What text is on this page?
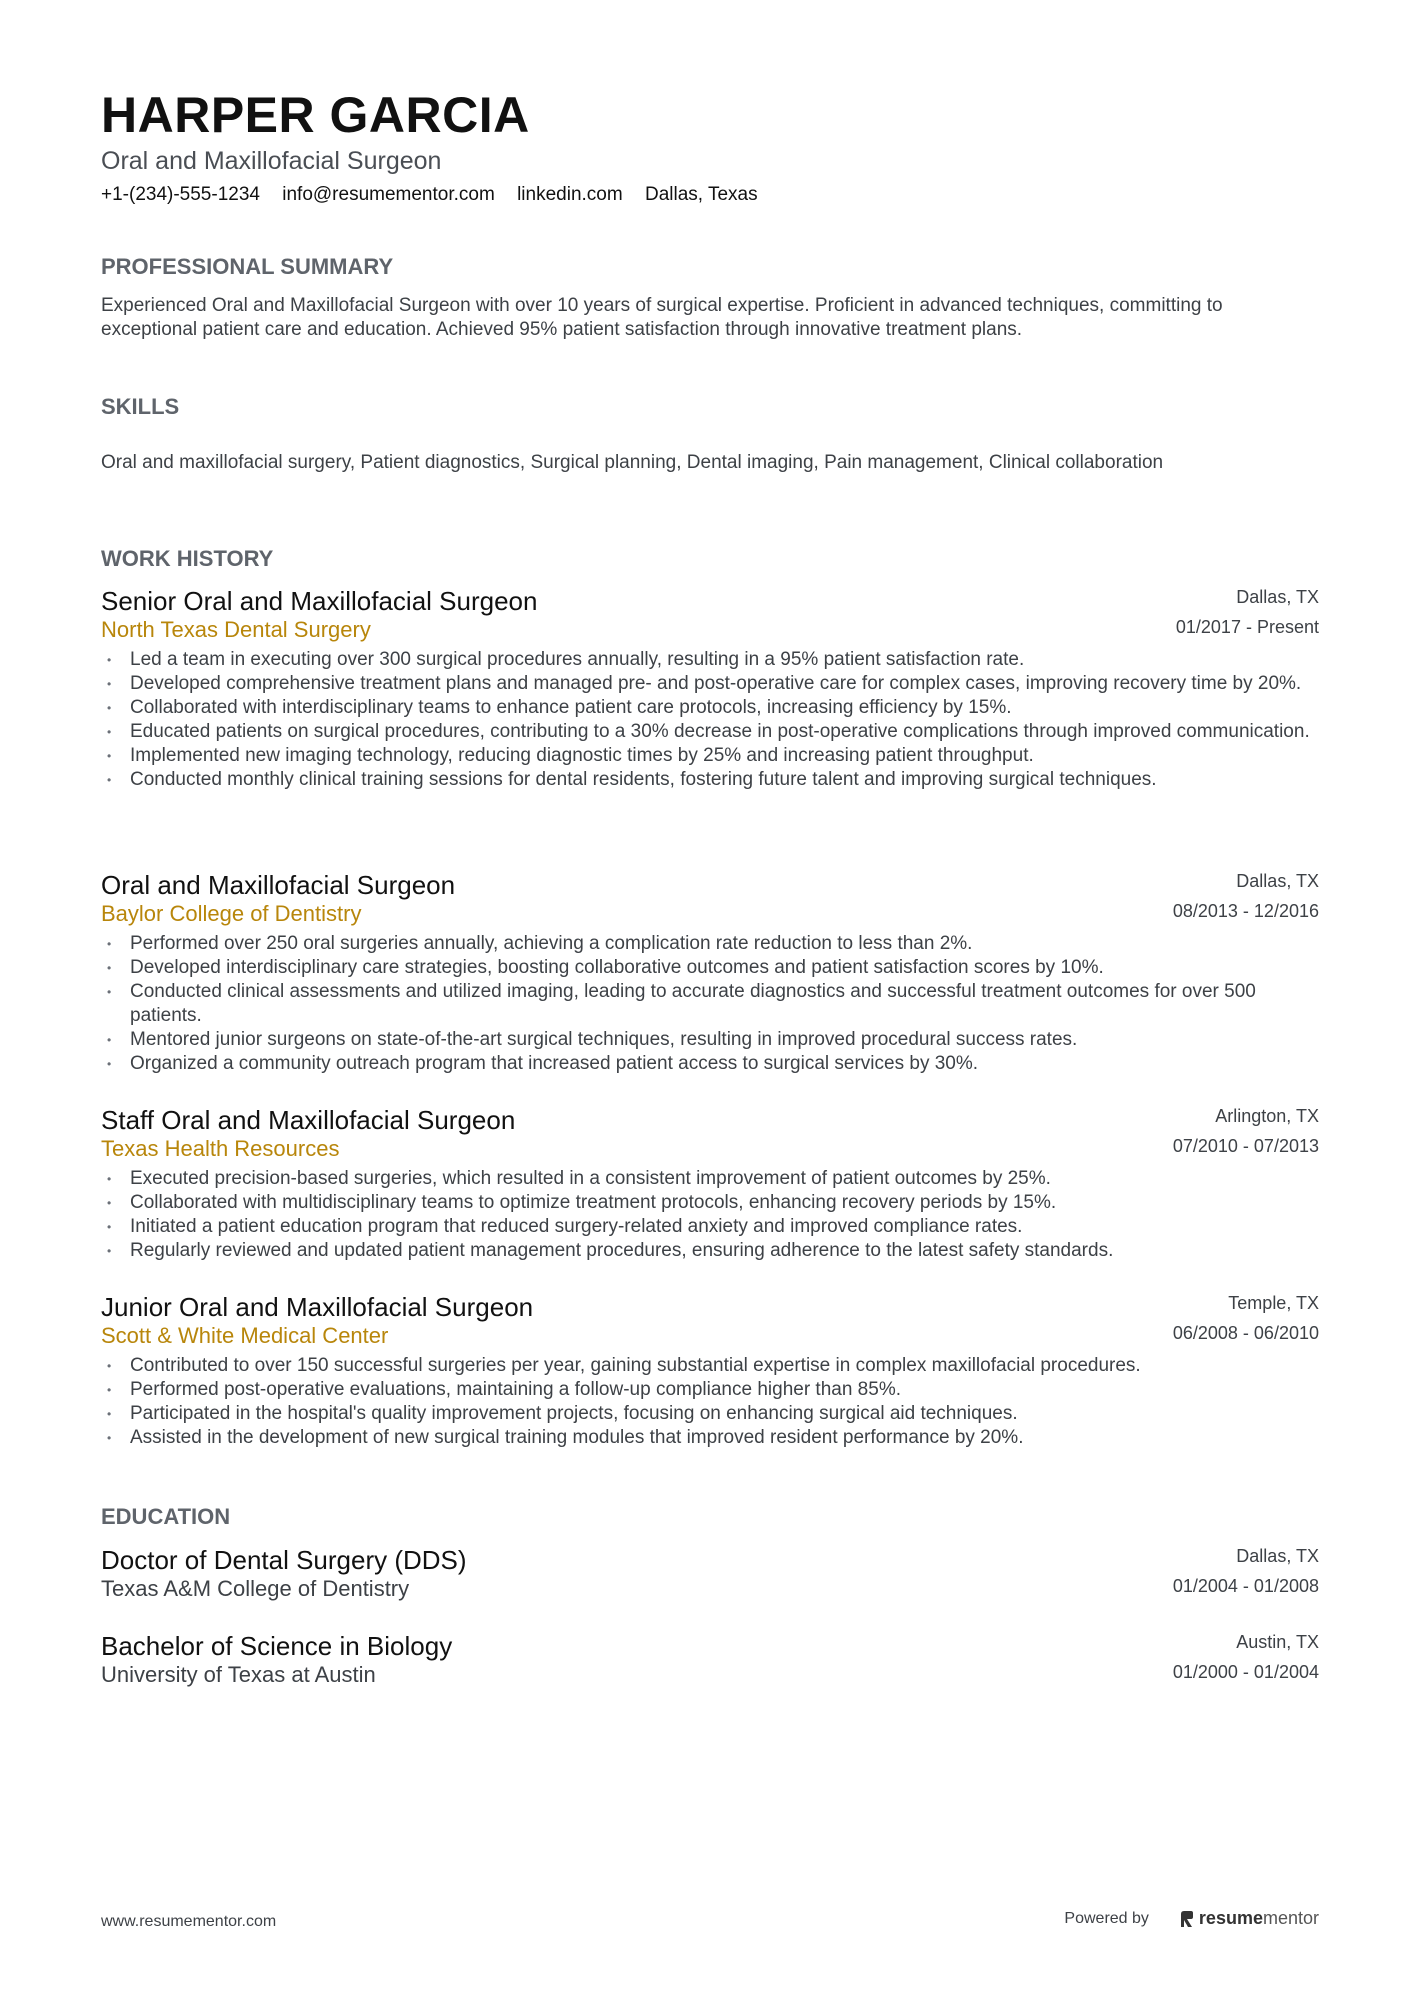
HARPER GARCIA
Oral and Maxillofacial Surgeon
+1-(234)-555-1234 info@resumementor.com linkedin.com Dallas, Texas
PROFESSIONAL SUMMARY

Experienced Oral and Maxillofacial Surgeon with over 10 years of surgical expertise. Proficient in advanced techniques, committing to exceptional patient care and education. Achieved 95% patient satisfaction through innovative treatment plans.

SKILLS

Oral and maxillofacial surgery, Patient diagnostics, Surgical planning, Dental imaging, Pain management, Clinical collaboration

WORK HISTORY
Senior Oral and Maxillofacial Surgeon	Dallas, TX
North Texas Dental Surgery	01/2017 - Present
• Led a team in executing over 300 surgical procedures annually, resulting in a 95% patient satisfaction rate.
• Developed comprehensive treatment plans and managed pre- and post-operative care for complex cases, improving recovery time by 20%.
• Collaborated with interdisciplinary teams to enhance patient care protocols, increasing efficiency by 15%.
• Educated patients on surgical procedures, contributing to a 30% decrease in post-operative complications through improved communication.
• Implemented new imaging technology, reducing diagnostic times by 25% and increasing patient throughput.
• Conducted monthly clinical training sessions for dental residents, fostering future talent and improving surgical techniques.
Oral and Maxillofacial Surgeon	Dallas, TX
Baylor College of Dentistry	08/2013 - 12/2016
• Performed over 250 oral surgeries annually, achieving a complication rate reduction to less than 2%.
• Developed interdisciplinary care strategies, boosting collaborative outcomes and patient satisfaction scores by 10%.
• Conducted clinical assessments and utilized imaging, leading to accurate diagnostics and successful treatment outcomes for over 500 patients.
• Mentored junior surgeons on state-of-the-art surgical techniques, resulting in improved procedural success rates.
• Organized a community outreach program that increased patient access to surgical services by 30%.
Staff Oral and Maxillofacial Surgeon	Arlington, TX
Texas Health Resources	07/2010 - 07/2013
• Executed precision-based surgeries, which resulted in a consistent improvement of patient outcomes by 25%.
• Collaborated with multidisciplinary teams to optimize treatment protocols, enhancing recovery periods by 15%.
• Initiated a patient education program that reduced surgery-related anxiety and improved compliance rates.
• Regularly reviewed and updated patient management procedures, ensuring adherence to the latest safety standards.
Junior Oral and Maxillofacial Surgeon	Temple, TX
Scott & White Medical Center	06/2008 - 06/2010
• Contributed to over 150 successful surgeries per year, gaining substantial expertise in complex maxillofacial procedures.
• Performed post-operative evaluations, maintaining a follow-up compliance higher than 85%.
• Participated in the hospital's quality improvement projects, focusing on enhancing surgical aid techniques.
• Assisted in the development of new surgical training modules that improved resident performance by 20%.
EDUCATION
Doctor of Dental Surgery (DDS)	Dallas, TX
Texas A&M College of Dentistry	01/2004 - 01/2008
Bachelor of Science in Biology	Austin, TX
University of Texas at Austin	01/2000 - 01/2004
www.resumementor.com	Powered by	resume mentor
